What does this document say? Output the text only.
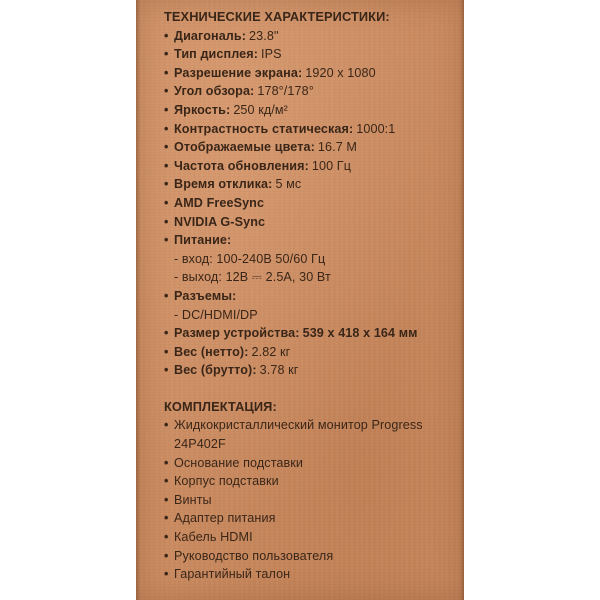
ТЕХНИЧЕСКИЕ ХАРАКТЕРИСТИКИ:
• Диагональ: 23.8"
• Тип дисплея: IPS
• Разрешение экрана: 1920 x 1080
• Угол обзора: 178°/178°
• Яркость: 250 кд/м²
• Контрастность статическая: 1000:1
• Отображаемые цвета: 16.7 M
• Частота обновления: 100 Гц
• Время отклика: 5 мс
• AMD FreeSync
• NVIDIA G-Sync
• Питание:
- вход: 100-240В 50/60 Гц
- выход: 12В ⎓ 2.5А, 30 Вт
• Разъемы:
- DC/HDMI/DP
• Размер устройства: 539 x 418 x 164 мм
• Вес (нетто): 2.82 кг
• Вес (брутто): 3.78 кг
КОМПЛЕКТАЦИЯ:
• Жидкокристаллический монитор Progress 24P402F
• Основание подставки
• Корпус подставки
• Винты
• Адаптер питания
• Кабель HDMI
• Руководство пользователя
• Гарантийный талон
